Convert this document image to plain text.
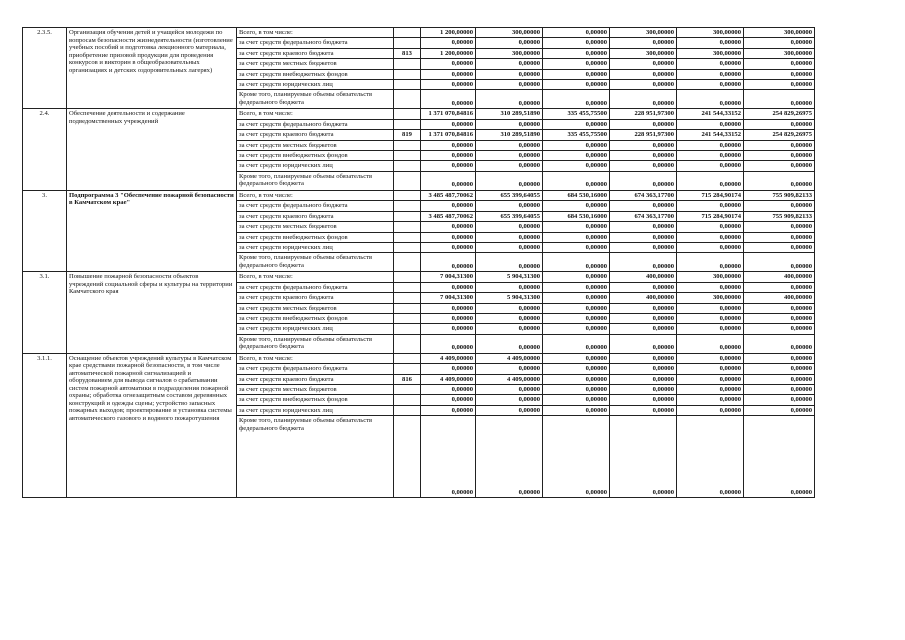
2.3.5.	Организация обучения детей и учащейся молодежи по вопросам безопасности жизнедеятельности (изготовление учебных пособий и подготовка лекционного материала, приобретение призовой продукции для проведения конкурсов и викторин в общеобразовательных организациях и детских оздоровительных лагерях)	Всего, в том числе:		1 200,00000	300,00000	0,00000	300,00000	300,00000	300,00000
		за счет средств федерального бюджета		0,00000	0,00000	0,00000	0,00000	0,00000	0,00000
		за счет средств краевого бюджета	813	1 200,00000	300,00000	0,00000	300,00000	300,00000	300,00000
		за счет средств местных бюджетов		0,00000	0,00000	0,00000	0,00000	0,00000	0,00000
		за счет средств внебюджетных фондов		0,00000	0,00000	0,00000	0,00000	0,00000	0,00000
		за счет средств юридических лиц		0,00000	0,00000	0,00000	0,00000	0,00000	0,00000
		Кроме того, планируемые объемы обязательств федерального бюджета		0,00000	0,00000	0,00000	0,00000	0,00000	0,00000
2.4.	Обеспечение деятельности и содержание подведомственных учреждений	Всего, в том числе:		1 371 070,84816	310 289,51890	335 455,75500	228 951,97300	241 544,33152	254 829,26975
		за счет средств федерального бюджета		0,00000	0,00000	0,00000	0,00000	0,00000	0,00000
		за счет средств краевого бюджета	819	1 371 070,84816	310 289,51890	335 455,75500	228 951,97300	241 544,33152	254 829,26975
		за счет средств местных бюджетов		0,00000	0,00000	0,00000	0,00000	0,00000	0,00000
		за счет средств внебюджетных фондов		0,00000	0,00000	0,00000	0,00000	0,00000	0,00000
		за счет средств юридических лиц		0,00000	0,00000	0,00000	0,00000	0,00000	0,00000
		Кроме того, планируемые объемы обязательств федерального бюджета		0,00000	0,00000	0,00000	0,00000	0,00000	0,00000
3.	Подпрограмма 3 "Обеспечение пожарной безопасности в Камчатском крае"	Всего, в том числе:		3 485 487,70062	655 399,64055	684 530,16000	674 363,17700	715 284,90174	755 909,82133
		за счет средств федерального бюджета		0,00000	0,00000	0,00000	0,00000	0,00000	0,00000
		за счет средств краевого бюджета		3 485 487,70062	655 399,64055	684 530,16000	674 363,17700	715 284,90174	755 909,82133
		за счет средств местных бюджетов		0,00000	0,00000	0,00000	0,00000	0,00000	0,00000
		за счет средств внебюджетных фондов		0,00000	0,00000	0,00000	0,00000	0,00000	0,00000
		за счет средств юридических лиц		0,00000	0,00000	0,00000	0,00000	0,00000	0,00000
		Кроме того, планируемые объемы обязательств федерального бюджета		0,00000	0,00000	0,00000	0,00000	0,00000	0,00000
3.1.	Повышение пожарной безопасности объектов учреждений социальной сферы и культуры на территории Камчатского края	Всего, в том числе:		7 004,31300	5 904,31300	0,00000	400,00000	300,00000	400,00000
		за счет средств федерального бюджета		0,00000	0,00000	0,00000	0,00000	0,00000	0,00000
		за счет средств краевого бюджета		7 004,31300	5 904,31300	0,00000	400,00000	300,00000	400,00000
		за счет средств местных бюджетов		0,00000	0,00000	0,00000	0,00000	0,00000	0,00000
		за счет средств внебюджетных фондов		0,00000	0,00000	0,00000	0,00000	0,00000	0,00000
		за счет средств юридических лиц		0,00000	0,00000	0,00000	0,00000	0,00000	0,00000
		Кроме того, планируемые объемы обязательств федерального бюджета		0,00000	0,00000	0,00000	0,00000	0,00000	0,00000
3.1.1.	Оснащение объектов учреждений культуры в Камчатском крае средствами пожарной безопасности, в том числе автоматической пожарной сигнализацией и оборудованием для вывода сигналов о срабатывании систем пожарной автоматики в подразделения пожарной охраны; обработка огнезащитным составом деревянных конструкций и одежды сцены; устройство запасных пожарных выходов; проектирование и установка системы автоматического газового и водяного пожаротушения	Всего, в том числе:		4 409,00000	4 409,00000	0,00000	0,00000	0,00000	0,00000
		за счет средств федерального бюджета		0,00000	0,00000	0,00000	0,00000	0,00000	0,00000
		за счет средств краевого бюджета	816	4 409,00000	4 409,00000	0,00000	0,00000	0,00000	0,00000
		за счет средств местных бюджетов		0,00000	0,00000	0,00000	0,00000	0,00000	0,00000
		за счет средств внебюджетных фондов		0,00000	0,00000	0,00000	0,00000	0,00000	0,00000
		за счет средств юридических лиц		0,00000	0,00000	0,00000	0,00000	0,00000	0,00000
		Кроме того, планируемые объемы обязательств федерального бюджета		0,00000	0,00000	0,00000	0,00000	0,00000	0,00000
